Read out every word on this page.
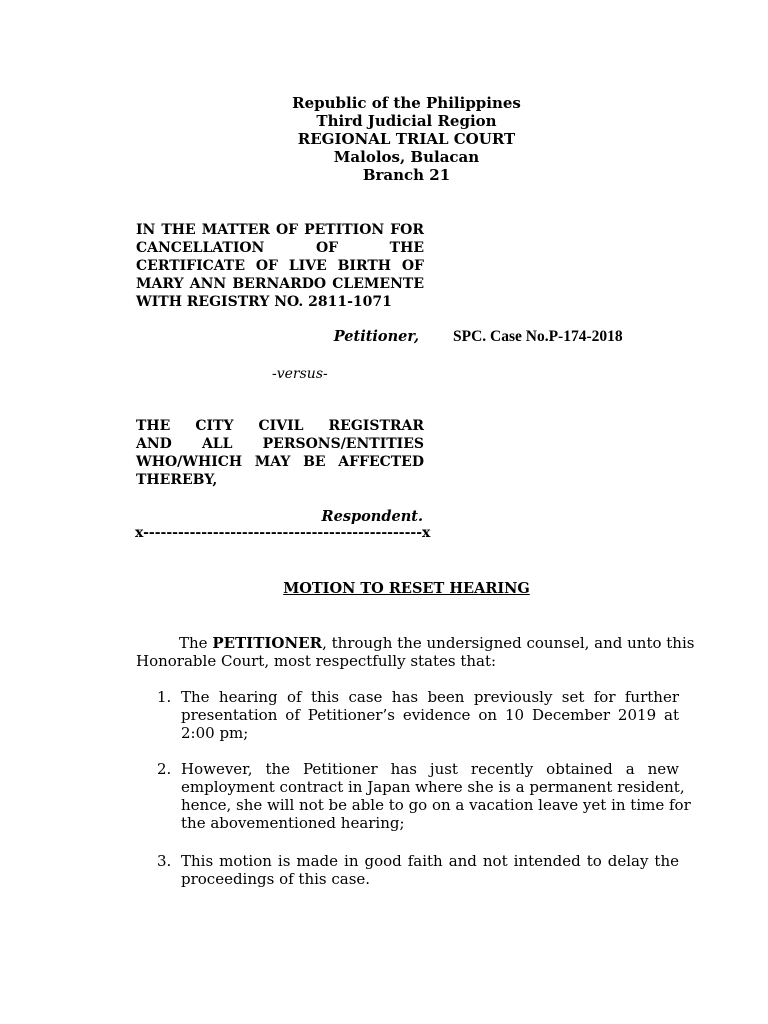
Republic of the Philippines
Third Judicial Region
REGIONAL TRIAL COURT
Malolos, Bulacan
Branch 21
IN THE MATTER OF PETITION FOR
CANCELLATION OF THE
CERTIFICATE OF LIVE BIRTH OF
MARY ANN BERNARDO CLEMENTE
WITH REGISTRY NO. 2811-1071
Petitioner, SPC. Case No.P-174-2018
-versus-
THE CITY CIVIL REGISTRAR
AND ALL PERSONS/ENTITIES
WHO/WHICH MAY BE AFFECTED
THEREBY,
Respondent.
x------------------------------------------------x
MOTION TO RESET HEARING
The PETITIONER, through the undersigned counsel, and unto this
Honorable Court, most respectfully states that:
1. The hearing of this case has been previously set for further
presentation of Petitioner’s evidence on 10 December 2019 at
2:00 pm;
2. However, the Petitioner has just recently obtained a new
employment contract in Japan where she is a permanent resident,
hence, she will not be able to go on a vacation leave yet in time for
the abovementioned hearing;
3. This motion is made in good faith and not intended to delay the
proceedings of this case.
